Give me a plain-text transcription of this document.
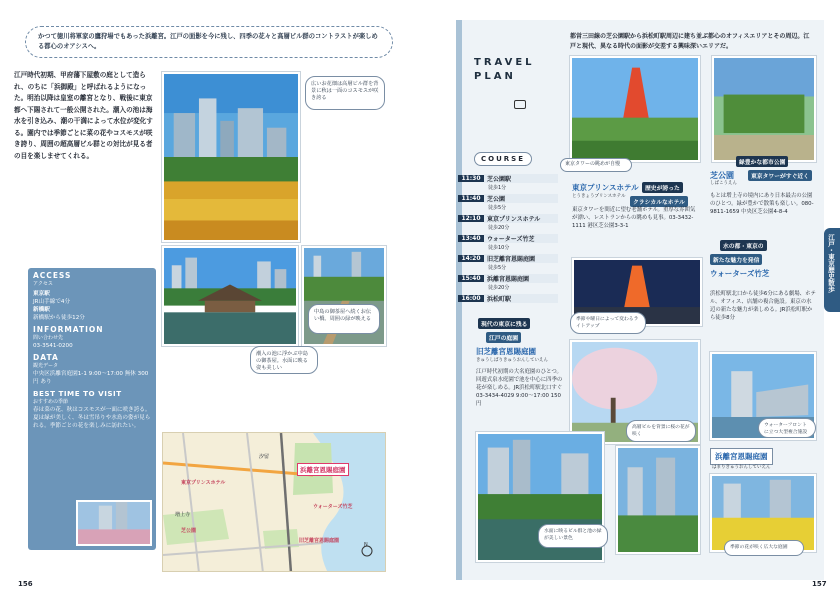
かつて徳川将軍家の鷹狩場でもあった浜離宮。江戸の面影を今に残し、四季の花々と高層ビル群のコントラストが楽しめる都心のオアシスへ。
江戸時代初期、甲府藩下屋敷の庭として造られ、のちに「浜御殿」と呼ばれるようになった。明治以降は皇室の離宮となり、戦後に東京都へ下賜されて一般公開された。潮入の池は海水を引き込み、潮の干満によって水位が変化する。園内では季節ごとに菜の花やコスモスが咲き誇り、周囲の超高層ビル群との対比が見る者の目を楽しませてくれる。
広いお花畑は高層ビル群を背景に秋は一面のコスモスが咲き誇る
中島の御茶屋へ続くお伝い橋。周囲の緑が映える
潮入の池に浮かぶ中島の御茶屋。水面に映る姿も美しい
ACCESS
アクセス
東京駅
JR山手線で4分
新橋駅
新橋駅から徒歩12分
INFORMATION
問い合わせ先
03-3541-0200
DATA
観光データ
中央区浜離宮庭園1-1 9:00〜17:00 無休 300円 あり
BEST TIME TO VISIT
おすすめの季節
春は菜の花、秋はコスモスが一面に咲き誇る。夏は緑が美しく、冬は雪吊りや水鳥の姿が見られる。季節ごとの花を楽しみに訪れたい。
N
浜離宮恩賜庭園
東京プリンスホテル
ウォーターズ竹芝
芝公園
旧芝離宮恩賜庭園
増上寺
汐留
156
TRAVEL PLAN
都営三田線の芝公園駅から浜松町駅周辺に建ち並ぶ都心のオフィスエリアとその周辺。江戸と現代、異なる時代の面影が交差する興味深いエリアだ。
東京タワーの眺めが自慢	緑豊かな都市公園
東京タワーがすぐ近く
芝公園
しばこうえん
もとは増上寺の境内にあり日本最古の公園のひとつ。緑が豊かで散策も楽しい。080-9811-1659 中央区芝公園4-8-4
COURSE
11:30	芝公園駅
徒歩1分
11:40	芝公園
徒歩5分
12:10	東京プリンスホテル
徒歩20分
13:40	ウォーターズ竹芝
徒歩10分
14:20	旧芝離宮恩賜庭園
徒歩5分
15:40	浜離宮恩賜庭園
徒歩20分
16:00	浜松町駅
歴史が誇った
クラシカルなホテル
東京プリンスホテル
とうきょうプリンスホテル
東京タワーを間近に望む老舗ホテル。重厚な雰囲気が漂い、レストランからの眺めも見事。03-3432-1111 港区芝公園3-3-1
季節や曜日によって変わるライトアップ
水の都・東京の
新たな魅力を発信
ウォーターズ竹芝
浜松町駅北口から徒歩6分にある劇場、ホテル、オフィス、店舗の複合施設。東京の水辺の新たな魅力が楽しめる。JR浜松町駅から徒歩8分
ウォーターフロントに立つ大型複合施設
現代の東京に残る
江戸の庭園
旧芝離宮恩賜庭園
きゅうしばりきゅうおんしていえん
江戸時代初期の大名庭園のひとつ。回遊式泉水庭園で池を中心に四季の花が楽しめる。JR浜松町駅北口すぐ 03-3434-4029 9:00〜17:00 150円
高層ビルを背景に桜の花が咲く
水面に映るビル群と池の緑が美しい景色
浜離宮恩賜庭園
はまりきゅうおんしていえん
季節の花が咲く広大な庭園
江戸・東京歴史散歩
157
